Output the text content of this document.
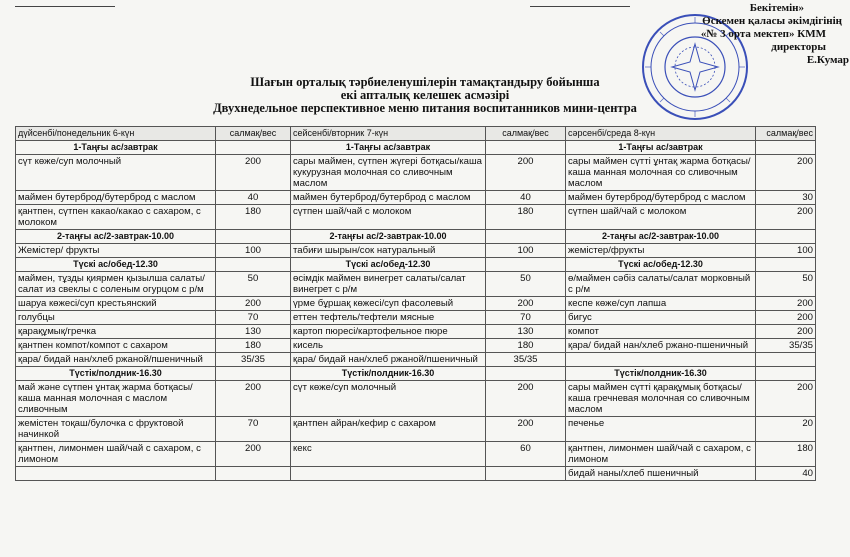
Бекітемін»
Өскемен қаласы әкімдігінің
«№ 3 орта мектеп» КММ
директоры
Е.Кумар
Шағын орталық тәрбиеленушілерін тамақтандыру бойынша
екі апталық келешек асмәзірі
Двухнедельное перспективное меню питания воспитанников мини-центра
дүйсенбі/понедельник 6-күн	салмақ/вес	сейсенбі/вторник 7-күн	салмақ/вес	сәрсенбі/среда 8-күн	салмақ/вес
1-Таңғы ас/завтрак		1-Таңғы ас/завтрак		1-Таңғы ас/завтрак	
сүт көже/суп молочный	200	сары маймен, сүтпен жүгері ботқасы/каша кукурузная молочная со сливочным маслом	200	сары маймен сүтті ұнтақ жарма ботқасы/каша манная молочная со сливочным маслом	200
маймен бутерброд/бутерброд с маслом	40	маймен бутерброд/бутерброд с маслом	40	маймен бутерброд/бутерброд с маслом	30
қантпен, сүтпен какао/какао с сахаром, с молоком	180	сүтпен шай/чай с молоком	180	сүтпен шай/чай с молоком	200
2-таңғы ас/2-завтрак-10.00		2-таңғы ас/2-завтрак-10.00		2-таңғы ас/2-завтрак-10.00	
Жемістер/ фрукты	100	табиғи шырын/сок натуральный	100	жемістер/фрукты	100
Түскі ас/обед-12.30		Түскі ас/обед-12.30		Түскі ас/обед-12.30	
маймен, тұзды қиярмен қызылша салаты/салат из свеклы с соленым огурцом с р/м	50	өсімдік маймен винегрет салаты/салат винегрет с р/м	50	ө/маймен сәбіз салаты/салат морковный с р/м	50
шаруа көжесі/суп крестьянский	200	үрме бұршақ көжесі/суп фасолевый	200	кеспе көже/суп лапша	200
голубцы	70	еттен тефтель/тефтели мясные	70	бигус	200
қарақұмық/гречка	130	картоп пюресі/картофельное пюре	130	компот	200
қантпен компот/компот с сахаром	180	кисель	180	қара/ бидай нан/хлеб ржано-пшеничный	35/35
қара/ бидай нан/хлеб ржаной/пшеничный	35/35	қара/ бидай нан/хлеб ржаной/пшеничный	35/35		
Түстік/полдник-16.30		Түстік/полдник-16.30		Түстік/полдник-16.30	
май және сүтпен ұнтақ жарма ботқасы/каша манная молочная с маслом сливочным	200	сүт көже/суп молочный	200	сары маймен сүтті қарақұмық ботқасы/каша гречневая молочная со сливочным маслом	200
жемістен тоқаш/булочка с фруктовой начинкой	70	қантпен айран/кефир с сахаром	200	печенье	20
қантпен, лимонмен шай/чай с сахаром, с лимоном	200	кекс	60	қантпен, лимонмен шай/чай с сахаром, с лимоном	180
				бидай наны/хлеб пшеничный	40
